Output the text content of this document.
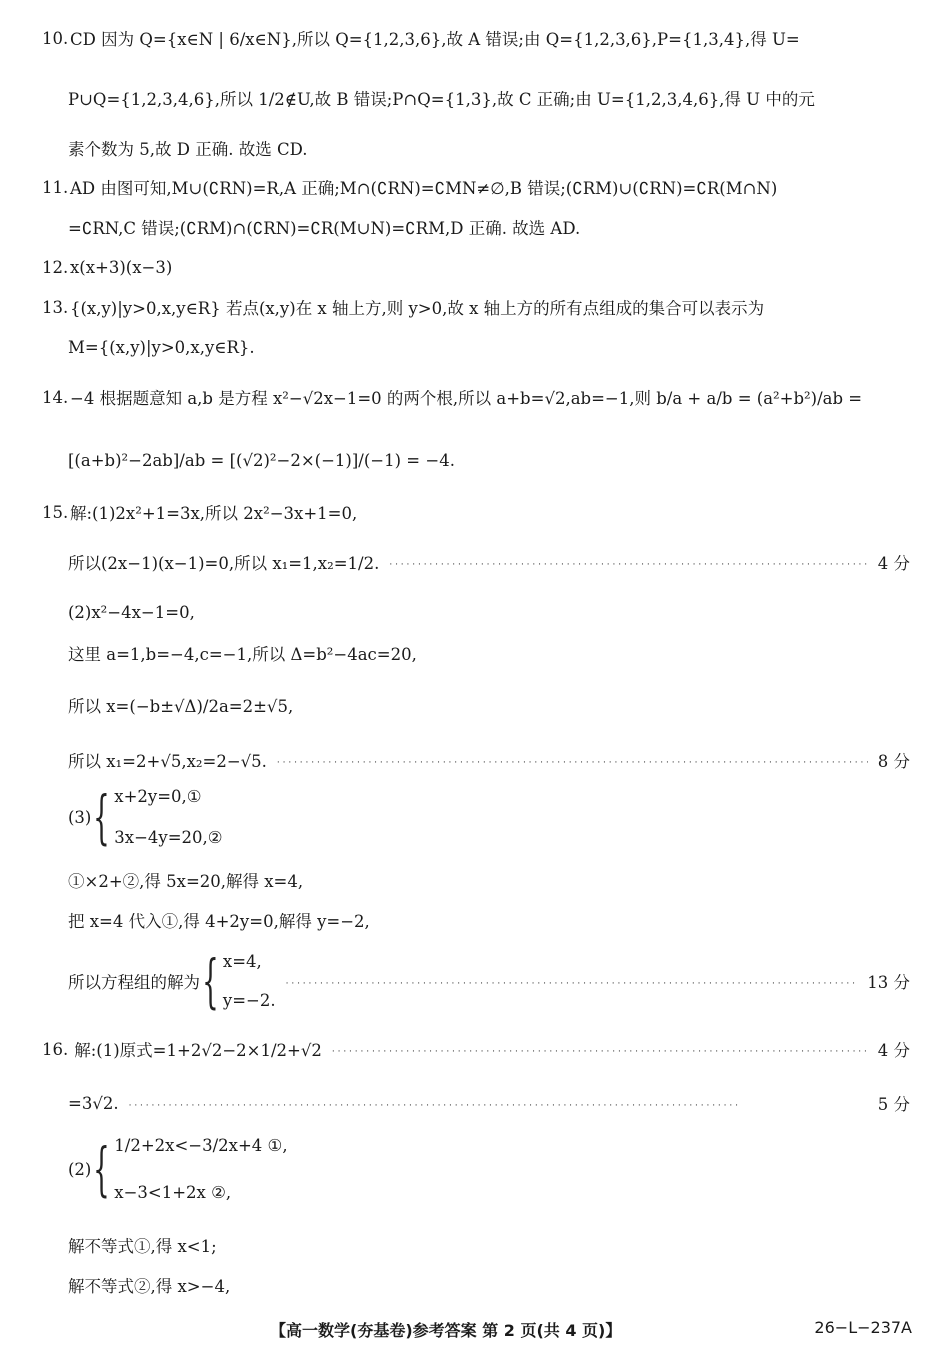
10. CD 因为 Q={x∈N | 6/x∈N},所以 Q={1,2,3,6},故 A 错误;由 Q={1,2,3,6},P={1,3,4},得 U=
P∪Q={1,2,3,4,6},所以 1/2∉U,故 B 错误;P∩Q={1,3},故 C 正确;由 U={1,2,3,4,6},得 U 中的元
素个数为 5,故 D 正确. 故选 CD.
11. AD 由图可知,M∪(∁RN)=R,A 正确;M∩(∁RN)=∁MN≠∅,B 错误;(∁RM)∪(∁RN)=∁R(M∩N)
=∁RN,C 错误;(∁RM)∩(∁RN)=∁R(M∪N)=∁RM,D 正确. 故选 AD.
12. x(x+3)(x−3)
13. {(x,y)|y>0,x,y∈R} 若点(x,y)在 x 轴上方,则 y>0,故 x 轴上方的所有点组成的集合可以表示为
M={(x,y)|y>0,x,y∈R}.
14. −4 根据题意知 a,b 是方程 x²−√2x−1=0 的两个根,所以 a+b=√2,ab=−1,则 b/a + a/b = (a²+b²)/ab =
[(a+b)²−2ab]/ab = [(√2)²−2×(−1)]/(−1) = −4.
15. 解:(1)2x²+1=3x,所以 2x²−3x+1=0,
所以(2x−1)(x−1)=0,所以 x₁=1,x₂=1/2. · · ·	4 分
(2)x²−4x−1=0,
这里 a=1,b=−4,c=−1,所以 Δ=b²−4ac=20,
所以 x=(−b±√Δ)/2a=2±√5,
所以 x₁=2+√5,x₂=2−√5. · · ·	8 分
(3) { x+2y=0,①
3x−4y=20,②
①×2+②,得 5x=20,解得 x=4,
把 x=4 代入①,得 4+2y=0,解得 y=−2,
所以方程组的解为 { x=4,
y=−2.
· · ·
13 分
16. 解:(1)原式=1+2√2−2×1/2+√2 · · ·	4 分
=3√2. · · ·	5 分
(2) { 1/2+2x<−3/2x+4 ①,
x−3<1+2x ②,
解不等式①,得 x<1;
解不等式②,得 x>−4,
【高一数学(夯基卷)参考答案 第 2 页(共 4 页)】	26−L−237A
